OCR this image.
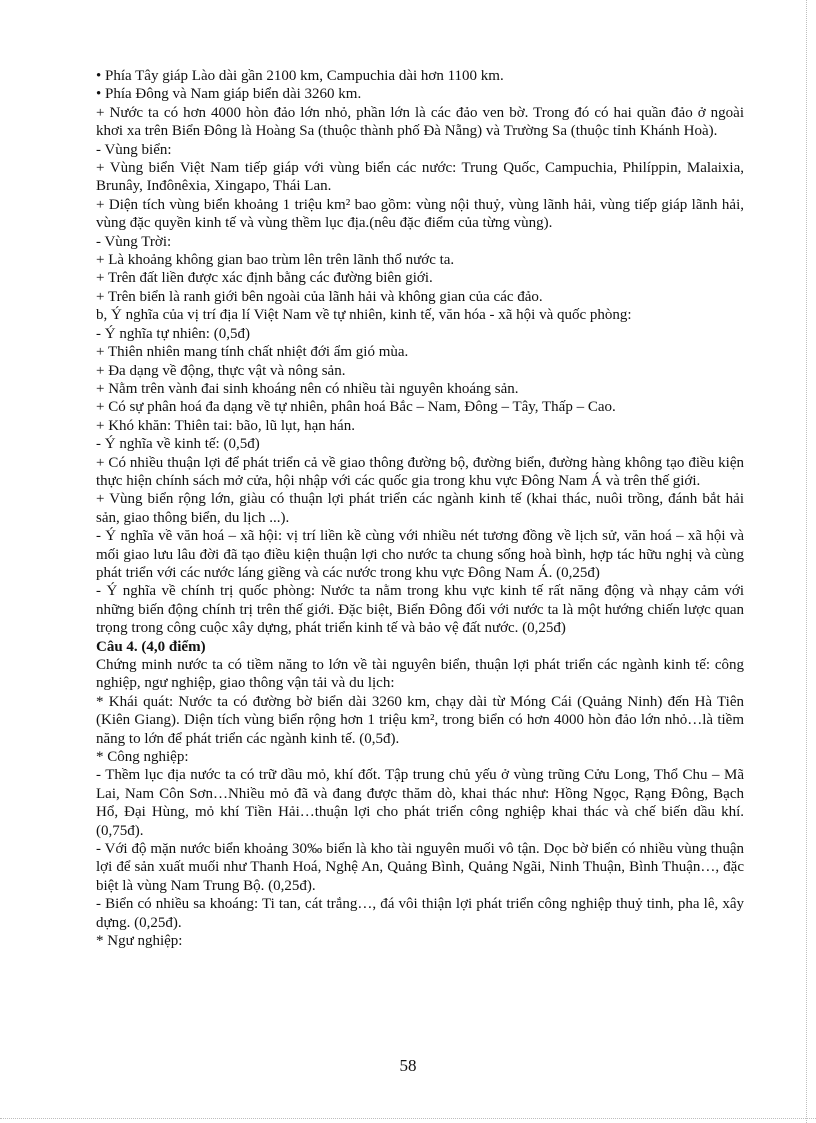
• Phía Tây giáp Lào dài gần 2100 km, Campuchia dài hơn 1100 km.

• Phía Đông và Nam giáp biển dài 3260 km.

+ Nước ta có hơn 4000 hòn đảo lớn nhỏ, phần lớn là các đảo ven bờ. Trong đó có hai quần đảo ở ngoài khơi xa trên Biển Đông là Hoàng Sa (thuộc thành phố Đà Nẵng) và Trường Sa (thuộc tỉnh Khánh Hoà).

- Vùng biển:

+ Vùng biển Việt Nam tiếp giáp với vùng biển các nước: Trung Quốc, Campuchia, Philíppin, Malaixia, Brunây, Inđônêxia, Xingapo, Thái Lan.

+ Diện tích vùng biển khoảng 1 triệu km² bao gồm: vùng nội thuỷ, vùng lãnh hải, vùng tiếp giáp lãnh hải, vùng đặc quyền kinh tế và vùng thềm lục địa.(nêu đặc điểm của từng vùng).

- Vùng Trời:

+ Là khoảng không gian bao trùm lên trên lãnh thổ nước ta.

+ Trên đất liền được xác định bằng các đường biên giới.

+ Trên biển là ranh giới bên ngoài của lãnh hải và không gian của các đảo.

b, Ý nghĩa của vị trí địa lí Việt Nam về tự nhiên, kinh tế, văn hóa - xã hội và quốc phòng:

- Ý nghĩa tự nhiên: (0,5đ)

+ Thiên nhiên mang tính chất nhiệt đới ẩm gió mùa.

+ Đa dạng về động, thực vật và nông sản.

+ Nằm trên vành đai sinh khoáng nên có nhiều tài nguyên khoáng sản.

+ Có sự phân hoá đa dạng về tự nhiên, phân hoá Bắc – Nam, Đông – Tây, Thấp – Cao.

+ Khó khăn: Thiên tai: bão, lũ lụt, hạn hán.

- Ý nghĩa về kinh tế: (0,5đ)

+ Có nhiều thuận lợi để phát triển cả về giao thông đường bộ, đường biển, đường hàng không tạo điều kiện thực hiện chính sách mở cửa, hội nhập với các quốc gia trong khu vực Đông Nam Á và trên thế giới.

+ Vùng biển rộng lớn, giàu có thuận lợi phát triển các ngành kinh tế (khai thác, nuôi trồng, đánh bắt hải sản, giao thông biển, du lịch ...).

- Ý nghĩa về văn hoá – xã hội: vị trí liền kề cùng với nhiều nét tương đồng về lịch sử, văn hoá – xã hội và mối giao lưu lâu đời đã tạo điều kiện thuận lợi cho nước ta chung sống hoà bình, hợp tác hữu nghị và cùng phát triển với các nước láng giềng và các nước trong khu vực Đông Nam Á. (0,25đ)

- Ý nghĩa về chính trị quốc phòng: Nước ta nằm trong khu vực kinh tế rất năng động và nhạy cảm với những biến động chính trị trên thế giới. Đặc biệt, Biển Đông đối với nước ta là một hướng chiến lược quan trọng trong công cuộc xây dựng, phát triển kinh tế và bảo vệ đất nước. (0,25đ)

Câu 4. (4,0 điểm)

Chứng minh nước ta có tiềm năng to lớn về tài nguyên biển, thuận lợi phát triển các ngành kinh tế: công nghiệp, ngư nghiệp, giao thông vận tải và du lịch:

* Khái quát: Nước ta có đường bờ biển dài 3260 km, chạy dài từ Móng Cái (Quảng Ninh) đến Hà Tiên (Kiên Giang). Diện tích vùng biển rộng hơn 1 triệu km², trong biển có hơn 4000 hòn đảo lớn nhỏ…là tiềm năng to lớn để phát triển các ngành kinh tế. (0,5đ).

* Công nghiệp:

- Thềm lục địa nước ta có trữ dầu mỏ, khí đốt. Tập trung chủ yếu ở vùng trũng Cửu Long, Thổ Chu – Mã Lai, Nam Côn Sơn…Nhiều mỏ đã và đang được thăm dò, khai thác như: Hồng Ngọc, Rạng Đông, Bạch Hổ, Đại Hùng, mỏ khí Tiền Hải…thuận lợi cho phát triển công nghiệp khai thác và chế biến dầu khí. (0,75đ).

- Với độ mặn nước biển khoảng 30‰ biển là kho tài nguyên muối vô tận. Dọc bờ biển có nhiều vùng thuận lợi để sản xuất muối như Thanh Hoá, Nghệ An, Quảng Bình, Quảng Ngãi, Ninh Thuận, Bình Thuận…, đặc biệt là vùng Nam Trung Bộ. (0,25đ).

- Biển có nhiều sa khoáng: Ti tan, cát trắng…, đá vôi thiận lợi phát triển công nghiệp thuỷ tinh, pha lê, xây dựng. (0,25đ).

* Ngư nghiệp:

58
